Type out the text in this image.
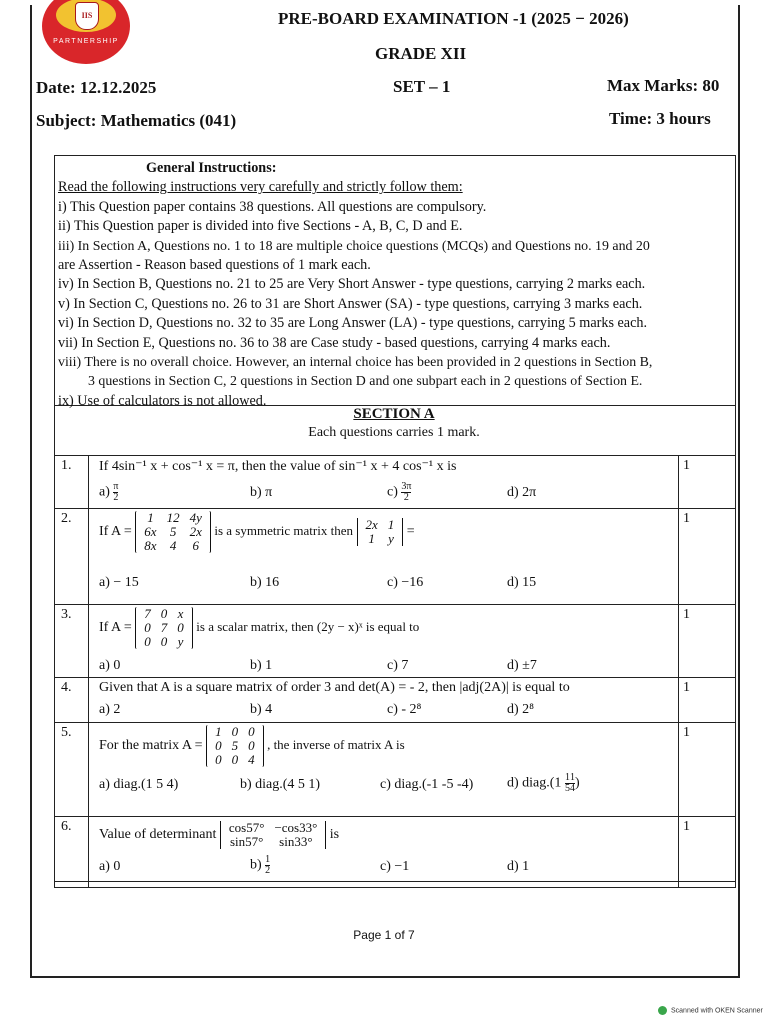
IIS
PARTNERSHIP
PRE-BOARD EXAMINATION -1 (2025 − 2026)
GRADE XII
Date: 12.12.2025	SET – 1	Max Marks: 80
Subject: Mathematics (041)	Time: 3 hours
General Instructions:
Read the following instructions very carefully and strictly follow them:
i) This Question paper contains 38 questions. All questions are compulsory.
ii) This Question paper is divided into five Sections - A, B, C, D and E.
iii) In Section A, Questions no. 1 to 18 are multiple choice questions (MCQs) and Questions no. 19 and 20
are Assertion - Reason based questions of 1 mark each.
iv) In Section B, Questions no. 21 to 25 are Very Short Answer - type questions, carrying 2 marks each.
v) In Section C, Questions no. 26 to 31 are Short Answer (SA) - type questions, carrying 3 marks each.
vi) In Section D, Questions no. 32 to 35 are Long Answer (LA) - type questions, carrying 5 marks each.
vii) In Section E, Questions no. 36 to 38 are Case study - based questions, carrying 4 marks each.
viii) There is no overall choice. However, an internal choice has been provided in 2 questions in Section B,
3 questions in Section C, 2 questions in Section D and one subpart each in 2 questions of Section E.
ix) Use of calculators is not allowed.
SECTION A
Each questions carries 1 mark.
1.	If 4sin⁻¹ x + cos⁻¹ x = π, then the value of sin⁻¹ x + 4 cos⁻¹ x is
$a) \frac{\pi}{2}$	b) π	$c) \frac{3\pi}{2}$	d) 2π
	1
2.	
If A =
1	12	4y
6x	5	2x
8x	4	6
is a symmetric matrix then 2x	1
1	y =
a) − 15	b) 16	c) −16	d) 15
	1
3.	
If A =
7	0	x
0	7	0
0	0	y
is a scalar matrix, then (2y − x)ˣ is equal to
a) 0	b) 1	c) 7	d) ±7
	1
4.	Given that A is a square matrix of order 3 and det(A) = - 2, then |adj(2A)| is equal to
a) 2	b) 4	c) - 2⁸	d) 2⁸
	1
5.	
For the matrix A =
1	0	0
0	5	0
0	0	4
, the inverse of matrix A is
a) diag.(1 5 4)	b) diag.(4 5 1)	c) diag.(-1 -5 -4) d) diag.(1 $\frac{1}{5} \frac{1}{4}$ )
	1
6.	
Value of determinant cos57°	−cos33°
sin57°	sin33° is
a) 0	$b) \frac{1}{2}$	c) −1	d) 1
	1
Page 1 of 7
Scanned with OKEN Scanner
